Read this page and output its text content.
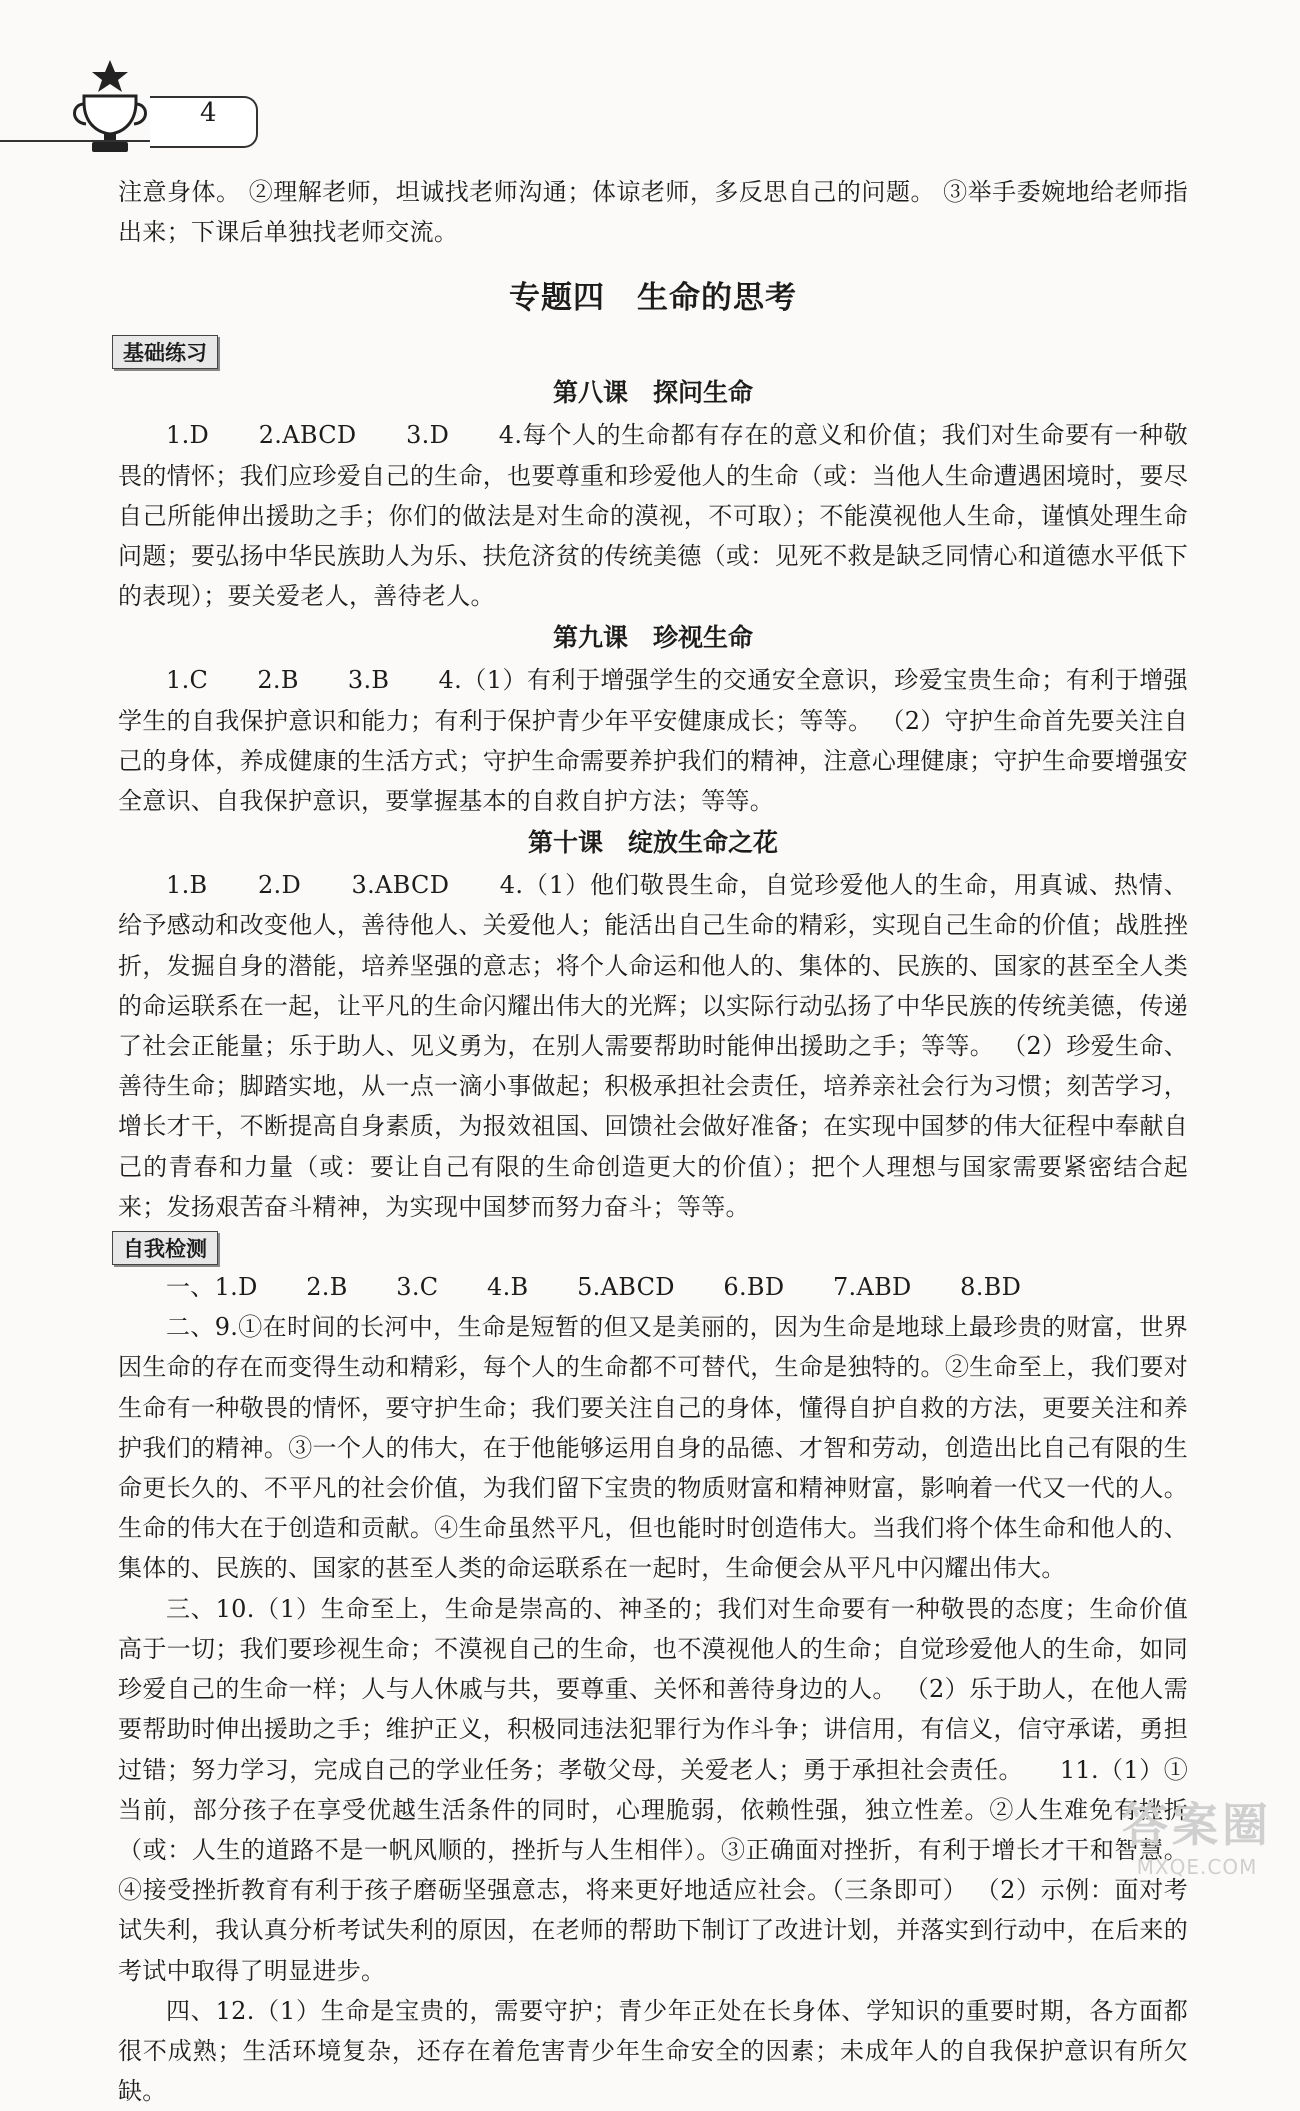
4

注意身体。 ②理解老师，坦诚找老师沟通；体谅老师，多反思自己的问题。 ③举手委婉地给老师指出来；下课后单独找老师交流。

专题四　生命的思考
基础练习
第八课　探问生命

1.D　　2.ABCD　　3.D　　4.每个人的生命都有存在的意义和价值；我们对生命要有一种敬畏的情怀；我们应珍爱自己的生命，也要尊重和珍爱他人的生命（或：当他人生命遭遇困境时，要尽自己所能伸出援助之手；你们的做法是对生命的漠视，不可取）；不能漠视他人生命，谨慎处理生命问题；要弘扬中华民族助人为乐、扶危济贫的传统美德（或：见死不救是缺乏同情心和道德水平低下的表现）；要关爱老人，善待老人。

第九课　珍视生命

1.C　　2.B　　3.B　　4.（1）有利于增强学生的交通安全意识，珍爱宝贵生命；有利于增强学生的自我保护意识和能力；有利于保护青少年平安健康成长；等等。 （2）守护生命首先要关注自己的身体，养成健康的生活方式；守护生命需要养护我们的精神，注意心理健康；守护生命要增强安全意识、自我保护意识，要掌握基本的自救自护方法；等等。

第十课　绽放生命之花

1.B　　2.D　　3.ABCD　　4.（1）他们敬畏生命，自觉珍爱他人的生命，用真诚、热情、给予感动和改变他人，善待他人、关爱他人；能活出自己生命的精彩，实现自己生命的价值；战胜挫折，发掘自身的潜能，培养坚强的意志；将个人命运和他人的、集体的、民族的、国家的甚至全人类的命运联系在一起，让平凡的生命闪耀出伟大的光辉；以实际行动弘扬了中华民族的传统美德，传递了社会正能量；乐于助人、见义勇为，在别人需要帮助时能伸出援助之手；等等。 （2）珍爱生命、善待生命；脚踏实地，从一点一滴小事做起；积极承担社会责任，培养亲社会行为习惯；刻苦学习，增长才干，不断提高自身素质，为报效祖国、回馈社会做好准备；在实现中国梦的伟大征程中奉献自己的青春和力量（或：要让自己有限的生命创造更大的价值）；把个人理想与国家需要紧密结合起来；发扬艰苦奋斗精神，为实现中国梦而努力奋斗；等等。

自我检测

一、1.D　　2.B　　3.C　　4.B　　5.ABCD　　6.BD　　7.ABD　　8.BD

二、9.①在时间的长河中，生命是短暂的但又是美丽的，因为生命是地球上最珍贵的财富，世界因生命的存在而变得生动和精彩，每个人的生命都不可替代，生命是独特的。②生命至上，我们要对生命有一种敬畏的情怀，要守护生命；我们要关注自己的身体，懂得自护自救的方法，更要关注和养护我们的精神。③一个人的伟大，在于他能够运用自身的品德、才智和劳动，创造出比自己有限的生命更长久的、不平凡的社会价值，为我们留下宝贵的物质财富和精神财富，影响着一代又一代的人。生命的伟大在于创造和贡献。④生命虽然平凡，但也能时时创造伟大。当我们将个体生命和他人的、集体的、民族的、国家的甚至人类的命运联系在一起时，生命便会从平凡中闪耀出伟大。

三、10.（1）生命至上，生命是崇高的、神圣的；我们对生命要有一种敬畏的态度；生命价值高于一切；我们要珍视生命；不漠视自己的生命，也不漠视他人的生命；自觉珍爱他人的生命，如同珍爱自己的生命一样；人与人休戚与共，要尊重、关怀和善待身边的人。 （2）乐于助人，在他人需要帮助时伸出援助之手；维护正义，积极同违法犯罪行为作斗争；讲信用，有信义，信守承诺，勇担过错；努力学习，完成自己的学业任务；孝敬父母，关爱老人；勇于承担社会责任。　　11.（1）①当前，部分孩子在享受优越生活条件的同时，心理脆弱，依赖性强，独立性差。②人生难免有挫折（或：人生的道路不是一帆风顺的，挫折与人生相伴）。③正确面对挫折，有利于增长才干和智慧。④接受挫折教育有利于孩子磨砺坚强意志，将来更好地适应社会。（三条即可） （2）示例：面对考试失利，我认真分析考试失利的原因，在老师的帮助下制订了改进计划，并落实到行动中，在后来的考试中取得了明显进步。

四、12.（1）生命是宝贵的，需要守护；青少年正处在长身体、学知识的重要时期，各方面都很不成熟；生活环境复杂，还存在着危害青少年生命安全的因素；未成年人的自我保护意识有所欠缺。

答案圈
MXQE.COM
